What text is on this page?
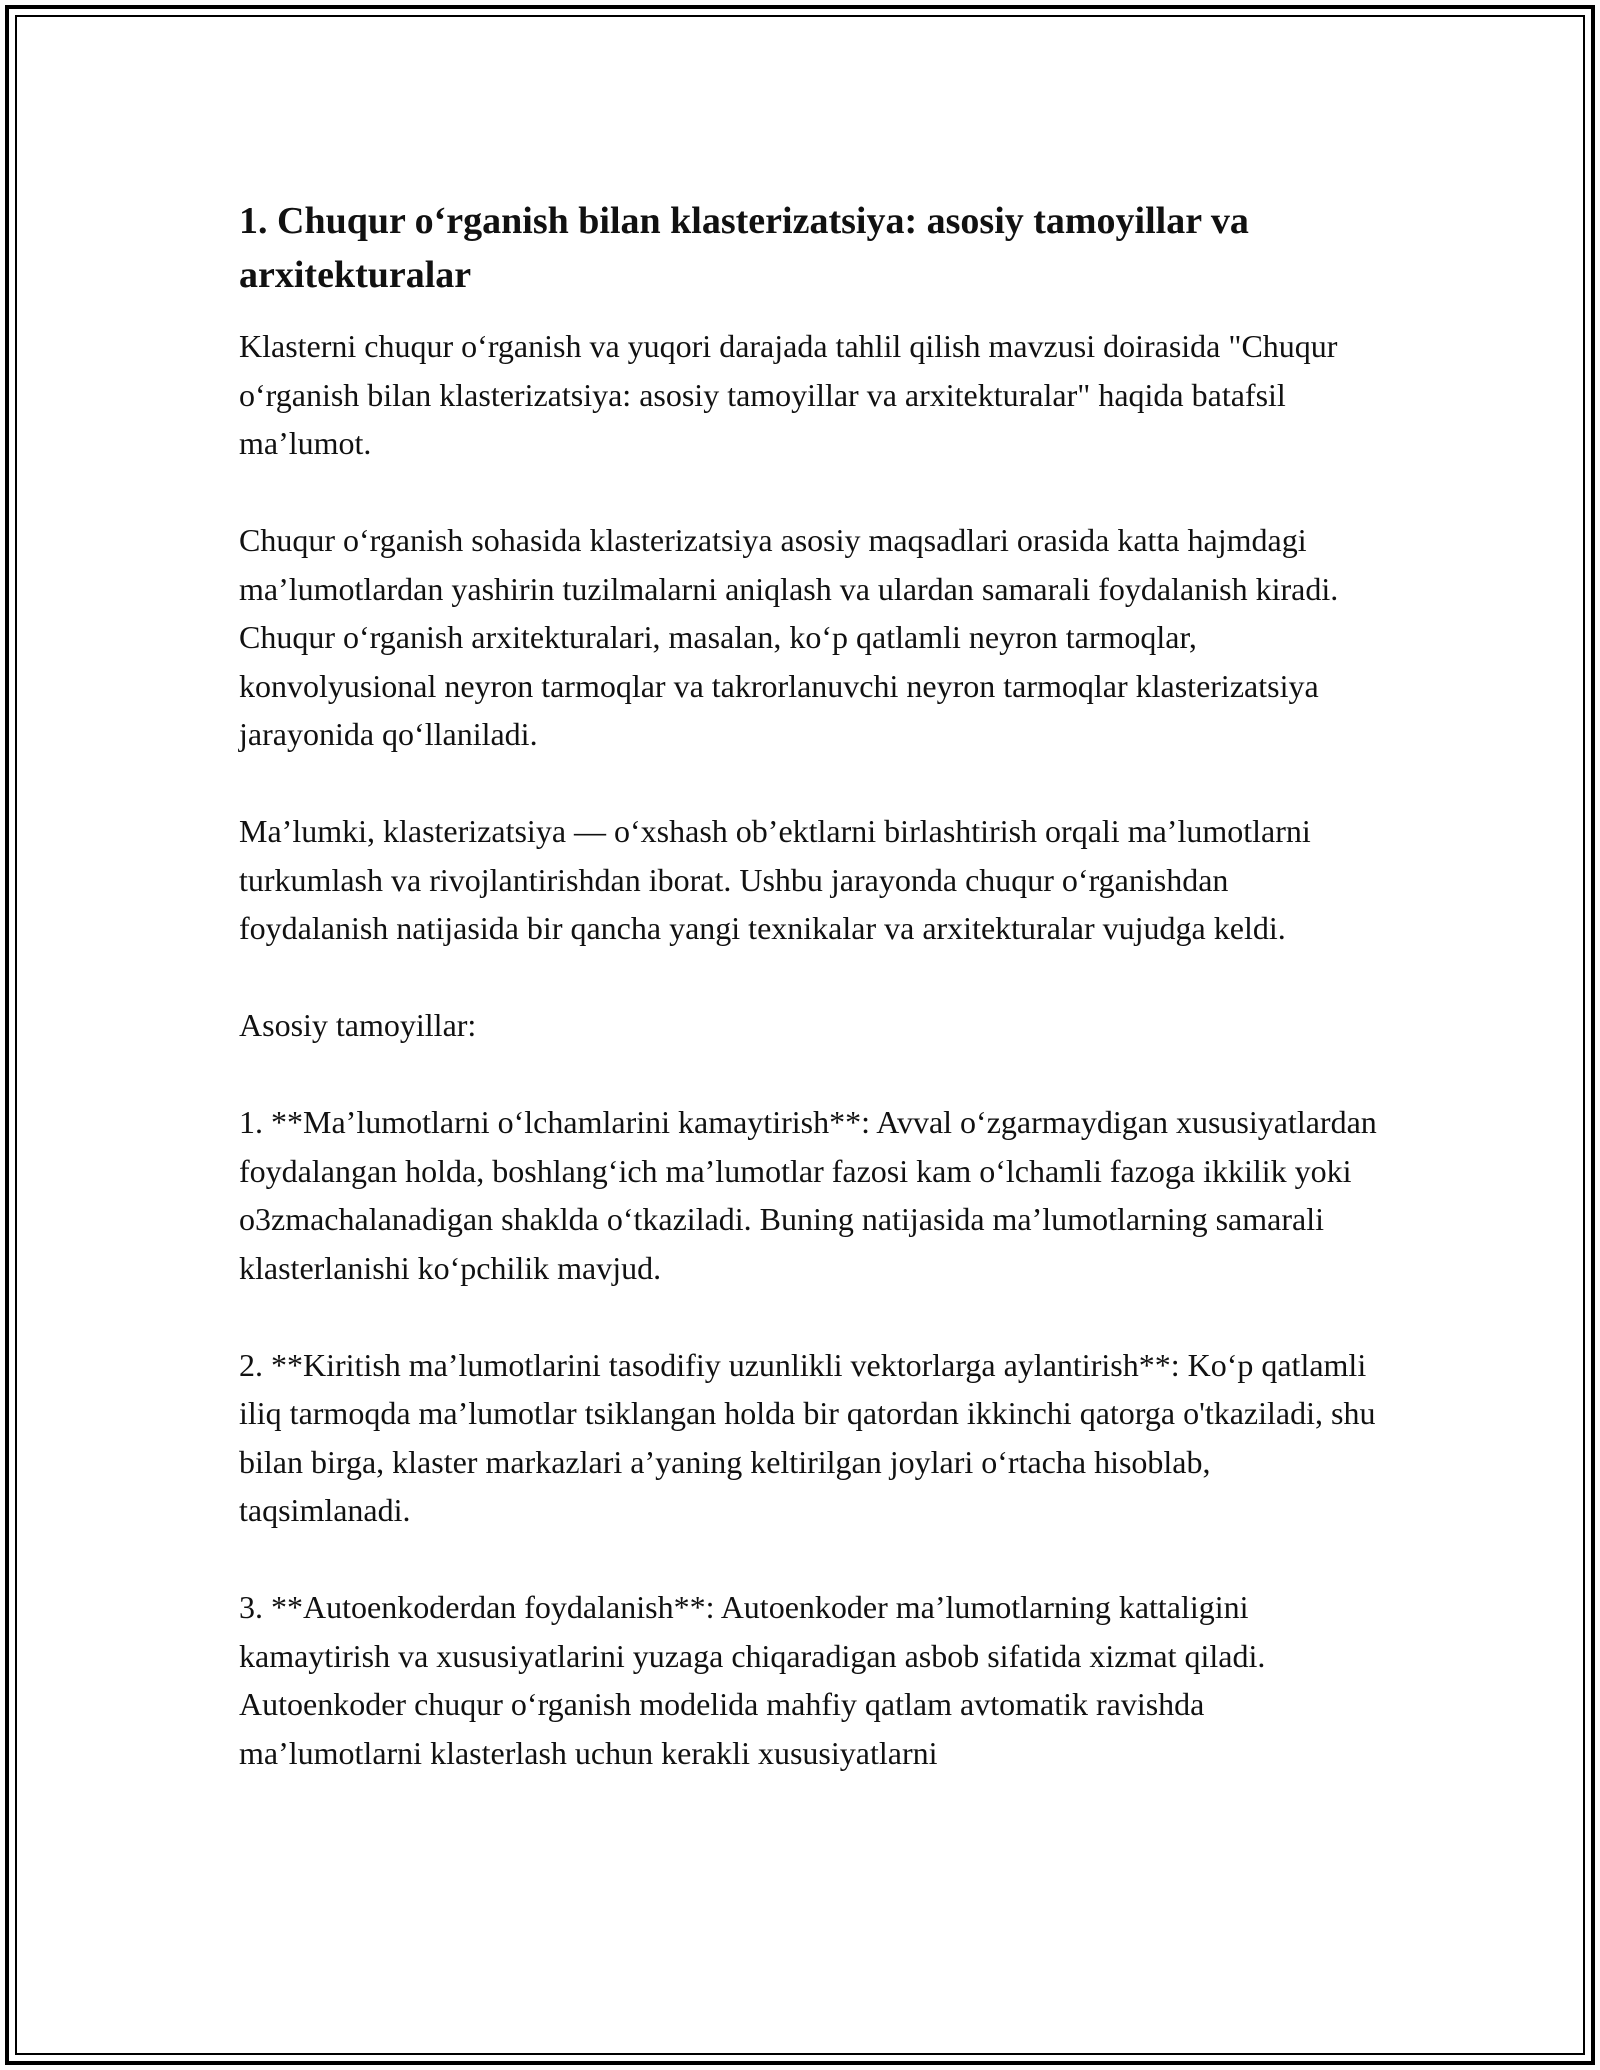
1. Chuqur o‘rganish bilan klasterizatsiya: asosiy tamoyillar va arxitekturalar

Klasterni chuqur o‘rganish va yuqori darajada tahlil qilish mavzusi doirasida "Chuqur o‘rganish bilan klasterizatsiya: asosiy tamoyillar va arxitekturalar" haqida batafsil ma’lumot.

Chuqur o‘rganish sohasida klasterizatsiya asosiy maqsadlari orasida katta hajmdagi ma’lumotlardan yashirin tuzilmalarni aniqlash va ulardan samarali foydalanish kiradi. Chuqur o‘rganish arxitekturalari, masalan, ko‘p qatlamli neyron tarmoqlar, konvolyusional neyron tarmoqlar va takrorlanuvchi neyron tarmoqlar klasterizatsiya jarayonida qo‘llaniladi.

Ma’lumki, klasterizatsiya — o‘xshash ob’ektlarni birlashtirish orqali ma’lumotlarni turkumlash va rivojlantirishdan iborat. Ushbu jarayonda chuqur o‘rganishdan foydalanish natijasida bir qancha yangi texnikalar va arxitekturalar vujudga keldi.

Asosiy tamoyillar:

1. **Ma’lumotlarni o‘lchamlarini kamaytirish**: Avval o‘zgarmaydigan xususiyatlardan foydalangan holda, boshlang‘ich ma’lumotlar fazosi kam o‘lchamli fazoga ikkilik yoki o3zmachalanadigan shaklda o‘tkaziladi. Buning natijasida ma’lumotlarning samarali klasterlanishi ko‘pchilik mavjud.

2. **Kiritish ma’lumotlarini tasodifiy uzunlikli vektorlarga aylantirish**: Ko‘p qatlamli iliq tarmoqda ma’lumotlar tsiklangan holda bir qatordan ikkinchi qatorga o'tkaziladi, shu bilan birga, klaster markazlari a’yaning keltirilgan joylari o‘rtacha hisoblab, taqsimlanadi.

3. **Autoenkoderdan foydalanish**: Autoenkoder ma’lumotlarning kattaligini kamaytirish va xususiyatlarini yuzaga chiqaradigan asbob sifatida xizmat qiladi. Autoenkoder chuqur o‘rganish modelida mahfiy qatlam avtomatik ravishda ma’lumotlarni klasterlash uchun kerakli xususiyatlarni
